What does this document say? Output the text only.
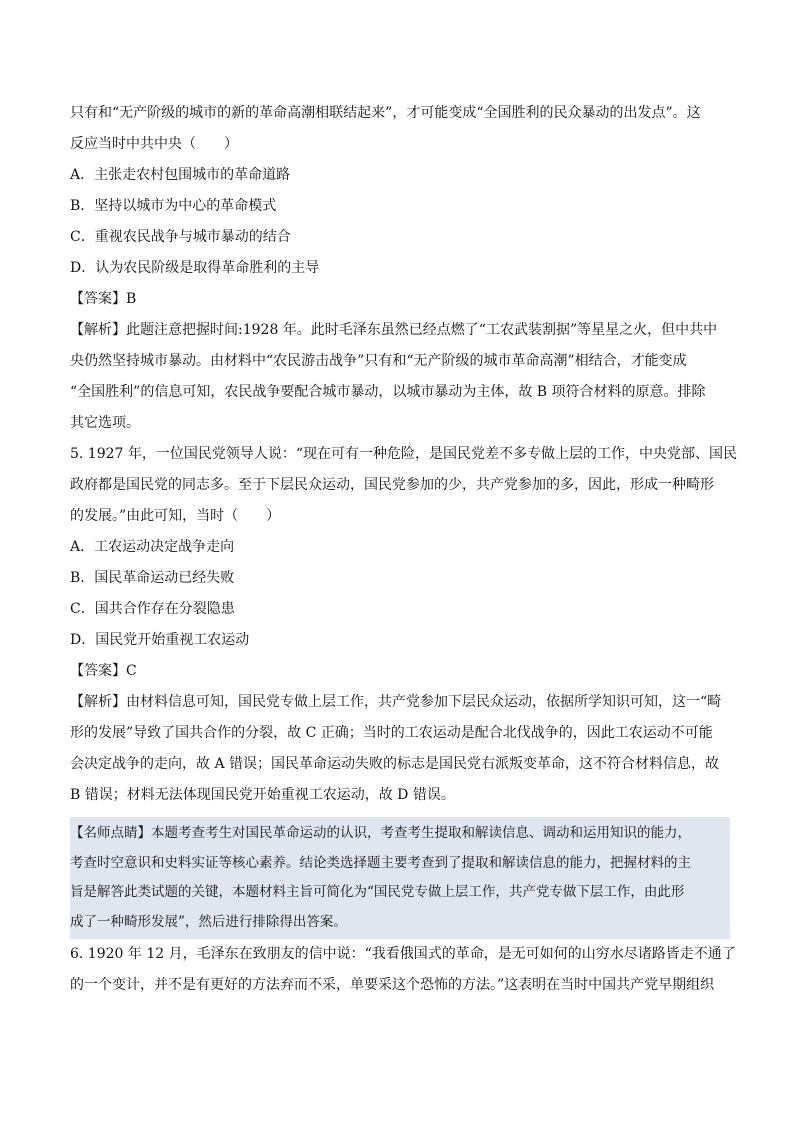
只有和“无产阶级的城市的新的革命高潮相联结起来”，才可能变成“全国胜利的民众暴动的出发点”。这
反应当时中共中央（　　）
A．主张走农村包围城市的革命道路
B．坚持以城市为中心的革命模式
C．重视农民战争与城市暴动的结合
D．认为农民阶级是取得革命胜利的主导
【答案】B
【解析】此题注意把握时间:1928 年。此时毛泽东虽然已经点燃了“工农武装割据”等星星之火，但中共中
央仍然坚持城市暴动。由材料中“农民游击战争”只有和“无产阶级的城市革命高潮”相结合，才能变成
“全国胜利”的信息可知，农民战争要配合城市暴动，以城市暴动为主体，故 B 项符合材料的原意。排除
其它选项。
5. 1927 年，一位国民党领导人说：“现在可有一种危险，是国民党差不多专做上层的工作，中央党部、国民
政府都是国民党的同志多。至于下层民众运动，国民党参加的少，共产党参加的多，因此，形成一种畸形
的发展。”由此可知，当时（　　）
A．工农运动决定战争走向
B．国民革命运动已经失败
C．国共合作存在分裂隐患
D．国民党开始重视工农运动
【答案】C
【解析】由材料信息可知，国民党专做上层工作，共产党参加下层民众运动，依据所学知识可知，这一“畸
形的发展”导致了国共合作的分裂，故 C 正确；当时的工农运动是配合北伐战争的，因此工农运动不可能
会决定战争的走向，故 A 错误；国民革命运动失败的标志是国民党右派叛变革命，这不符合材料信息，故
B 错误；材料无法体现国民党开始重视工农运动，故 D 错误。
【名师点睛】本题考查考生对国民革命运动的认识，考查考生提取和解读信息、调动和运用知识的能力，
考查时空意识和史料实证等核心素养。结论类选择题主要考查到了提取和解读信息的能力，把握材料的主
旨是解答此类试题的关键，本题材料主旨可简化为“国民党专做上层工作，共产党专做下层工作，由此形
成了一种畸形发展”，然后进行排除得出答案。
6. 1920 年 12 月，毛泽东在致朋友的信中说：“我看俄国式的革命，是无可如何的山穷水尽诸路皆走不通了
的一个变计，并不是有更好的方法弃而不采，单要采这个恐怖的方法。”这表明在当时中国共产党早期组织
